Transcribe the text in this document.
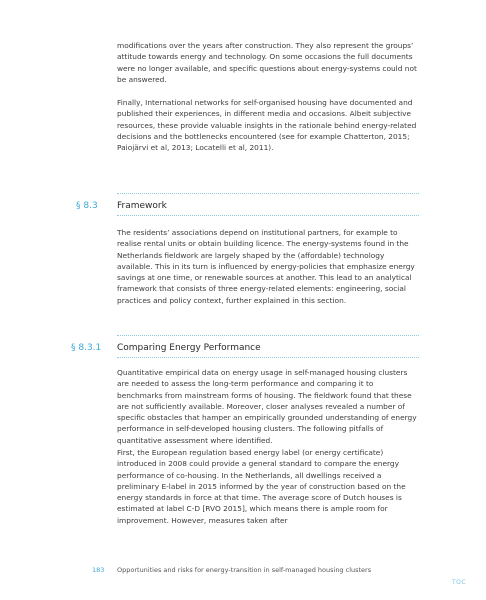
modifications over the years after construction. They also represent the groups’ attitude towards energy and technology. On some occasions the full documents were no longer available, and specific questions about energy-systems could not be answered.

Finally, International networks for self-organised housing have documented and published their experiences, in different media and occasions. Albeit subjective resources, these provide valuable insights in the rationale behind energy-related decisions and the bottlenecks encountered (see for example Chatterton, 2015; Paiojärvi et al, 2013; Locatelli et al, 2011).

§ 8.3 Framework

The residents’ associations depend on institutional partners, for example to realise rental units or obtain building licence. The energy-systems found in the Netherlands fieldwork are largely shaped by the (affordable) technology available. This in its turn is influenced by energy-policies that emphasize energy savings at one time, or renewable sources at another. This lead to an analytical framework that consists of three energy-related elements: engineering, social practices and policy context, further explained in this section.

§ 8.3.1 Comparing Energy Performance

Quantitative empirical data on energy usage in self-managed housing clusters are needed to assess the long-term performance and comparing it to benchmarks from mainstream forms of housing. The fieldwork found that these are not sufficiently available. Moreover, closer analyses revealed a number of specific obstacles that hamper an empirically grounded understanding of energy performance in self-developed housing clusters. The following pitfalls of quantitative assessment where identified.

First, the European regulation based energy label (or energy certificate) introduced in 2008 could provide a general standard to compare the energy performance of co-housing. In the Netherlands, all dwellings received a preliminary E-label in 2015 informed by the year of construction based on the energy standards in force at that time. The average score of Dutch houses is estimated at label C-D [RVO 2015], which means there is ample room for improvement. However, measures taken after

183 Opportunities and risks for energy-transition in self-managed housing clusters
TOC
